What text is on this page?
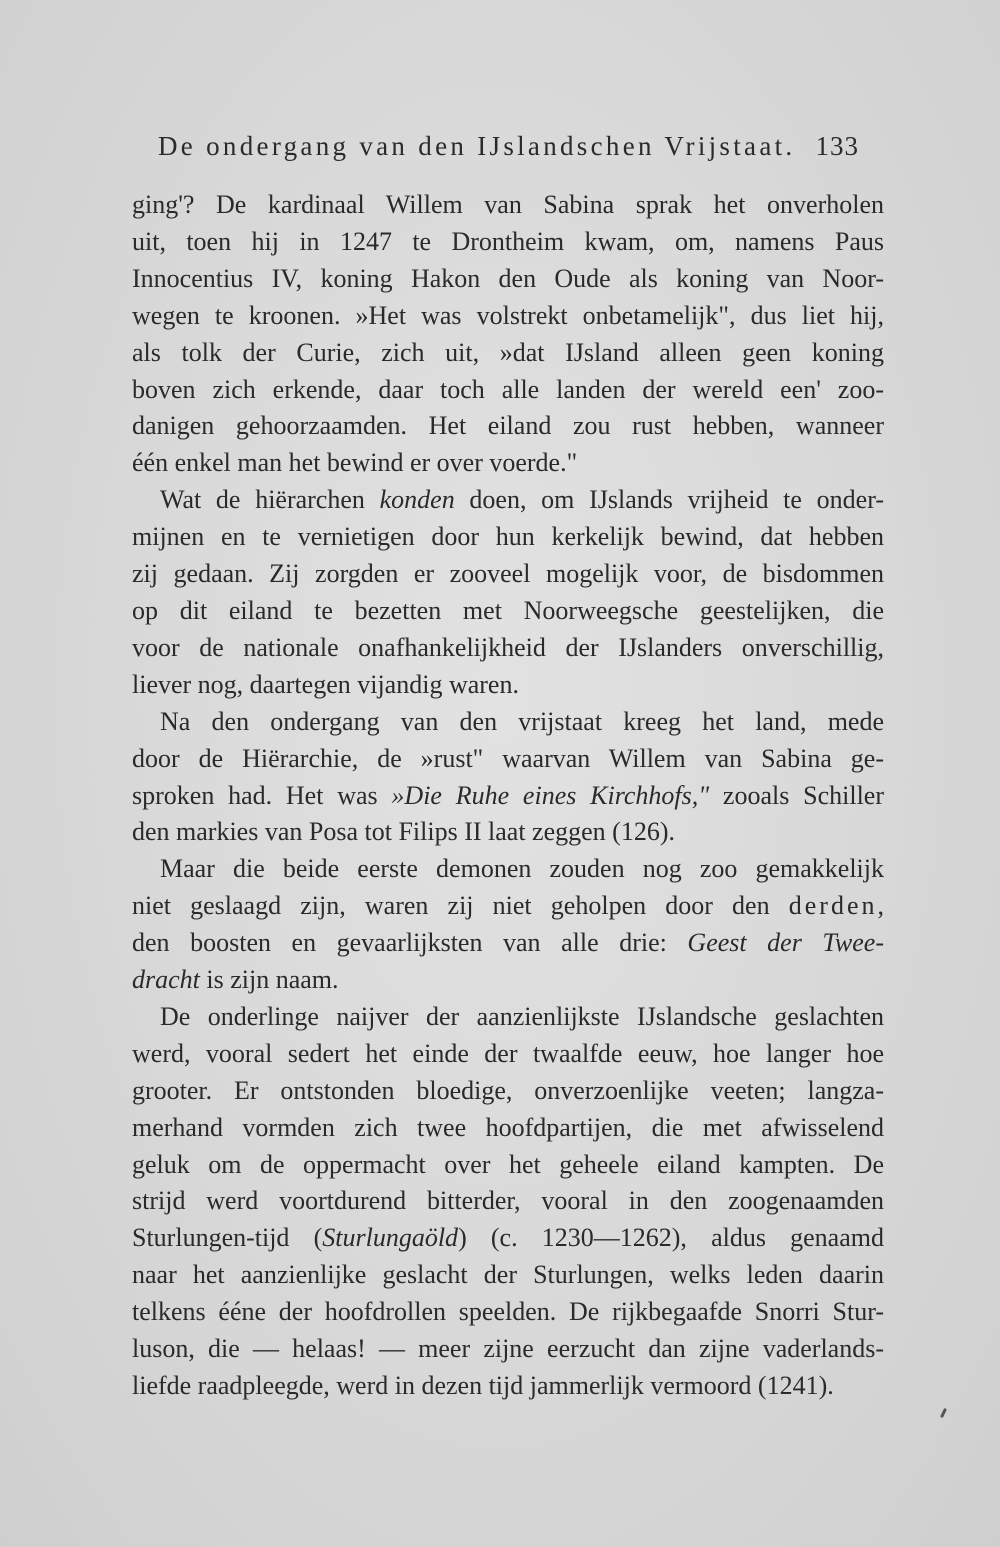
De ondergang van den IJslandschen Vrijstaat. 133
ging'? De kardinaal Willem van Sabina sprak het onverholen
uit, toen hij in 1247 te Drontheim kwam, om, namens Paus
Innocentius IV, koning Hakon den Oude als koning van Noor-
wegen te kroonen. »Het was volstrekt onbetamelijk", dus liet hij,
als tolk der Curie, zich uit, »dat IJsland alleen geen koning
boven zich erkende, daar toch alle landen der wereld een' zoo-
danigen gehoorzaamden. Het eiland zou rust hebben, wanneer
één enkel man het bewind er over voerde."
Wat de hiërarchen konden doen, om IJslands vrijheid te onder-
mijnen en te vernietigen door hun kerkelijk bewind, dat hebben
zij gedaan. Zij zorgden er zooveel mogelijk voor, de bisdommen
op dit eiland te bezetten met Noorweegsche geestelijken, die
voor de nationale onafhankelijkheid der IJslanders onverschillig,
liever nog, daartegen vijandig waren.
Na den ondergang van den vrijstaat kreeg het land, mede
door de Hiërarchie, de »rust" waarvan Willem van Sabina ge-
sproken had. Het was »Die Ruhe eines Kirchhofs," zooals Schiller
den markies van Posa tot Filips II laat zeggen (126).
Maar die beide eerste demonen zouden nog zoo gemakkelijk
niet geslaagd zijn, waren zij niet geholpen door den derden,
den boosten en gevaarlijksten van alle drie: Geest der Twee-
dracht is zijn naam.
De onderlinge naijver der aanzienlijkste IJslandsche geslachten
werd, vooral sedert het einde der twaalfde eeuw, hoe langer hoe
grooter. Er ontstonden bloedige, onverzoenlijke veeten; langza-
merhand vormden zich twee hoofdpartijen, die met afwisselend
geluk om de oppermacht over het geheele eiland kampten. De
strijd werd voortdurend bitterder, vooral in den zoogenaamden
Sturlungen-tijd (Sturlungaöld) (c. 1230—1262), aldus genaamd
naar het aanzienlijke geslacht der Sturlungen, welks leden daarin
telkens ééne der hoofdrollen speelden. De rijkbegaafde Snorri Stur-
luson, die — helaas! — meer zijne eerzucht dan zijne vaderlands-
liefde raadpleegde, werd in dezen tijd jammerlijk vermoord (1241).
